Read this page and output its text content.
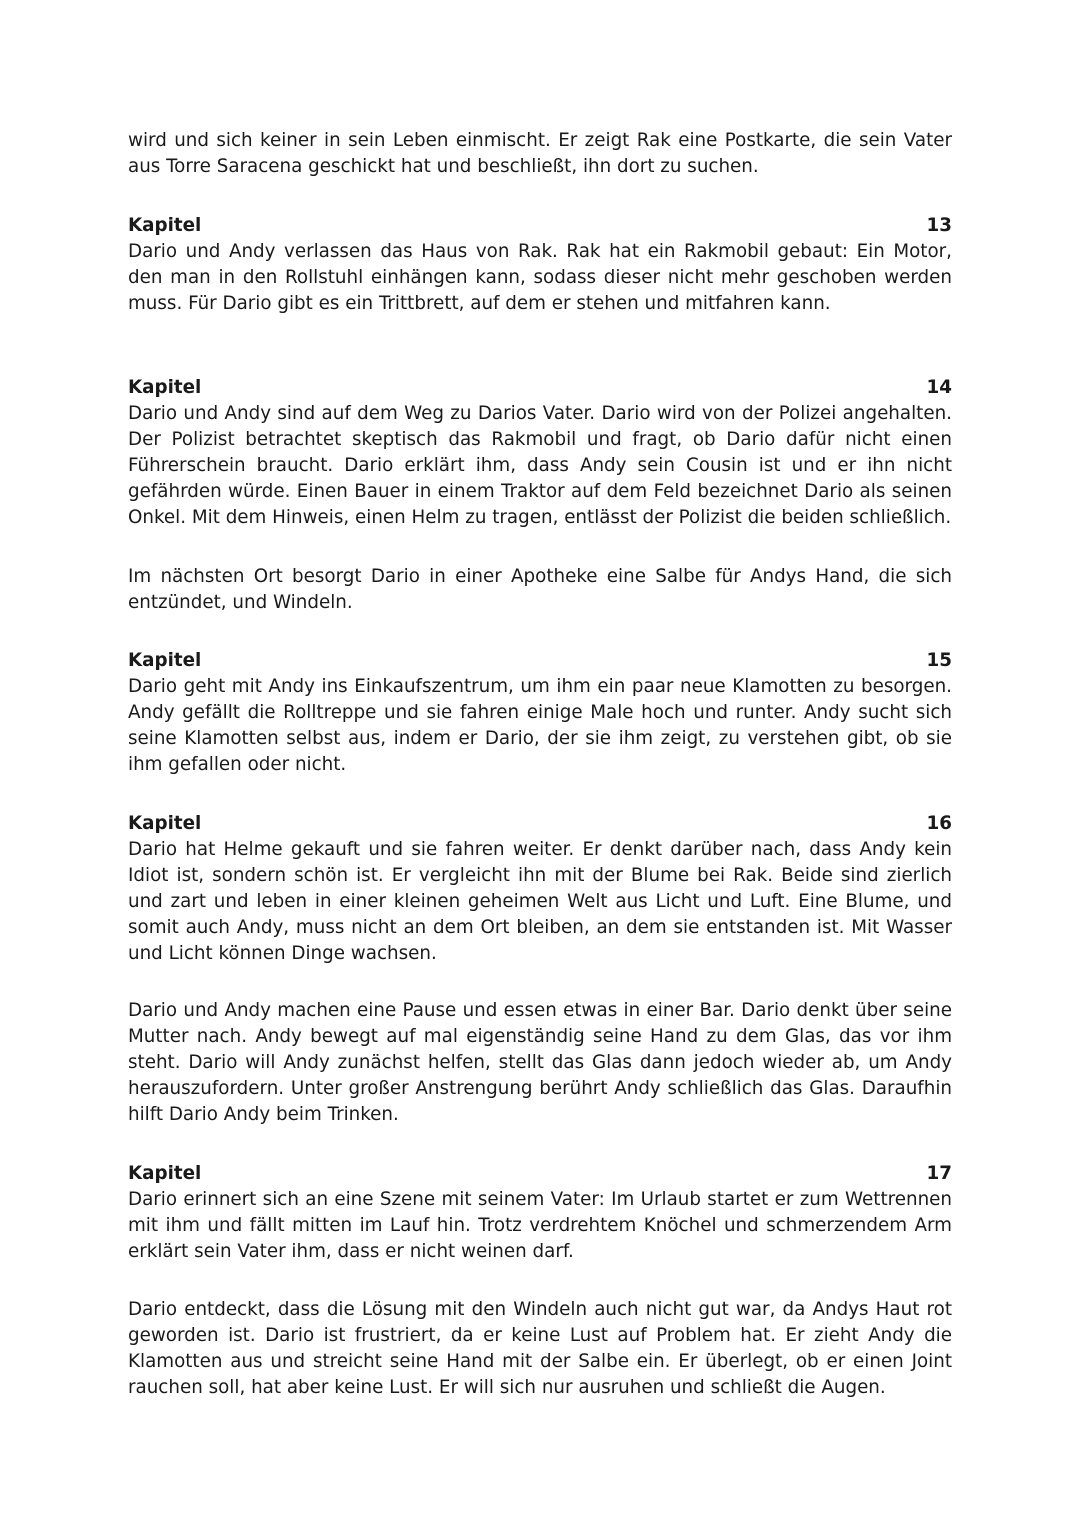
wird und sich keiner in sein Leben einmischt. Er zeigt Rak eine Postkarte, die sein Vater aus Torre Saracena geschickt hat und beschließt, ihn dort zu suchen.

Kapitel	13

Dario und Andy verlassen das Haus von Rak. Rak hat ein Rakmobil gebaut: Ein Motor, den man in den Rollstuhl einhängen kann, sodass dieser nicht mehr geschoben werden muss. Für Dario gibt es ein Trittbrett, auf dem er stehen und mitfahren kann.

Kapitel	14

Dario und Andy sind auf dem Weg zu Darios Vater. Dario wird von der Polizei angehalten. Der Polizist betrachtet skeptisch das Rakmobil und fragt, ob Dario dafür nicht einen Führerschein braucht. Dario erklärt ihm, dass Andy sein Cousin ist und er ihn nicht gefährden würde. Einen Bauer in einem Traktor auf dem Feld bezeichnet Dario als seinen Onkel. Mit dem Hinweis, einen Helm zu tragen, entlässt der Polizist die beiden schließlich.

Im nächsten Ort besorgt Dario in einer Apotheke eine Salbe für Andys Hand, die sich entzündet, und Windeln.

Kapitel	15

Dario geht mit Andy ins Einkaufszentrum, um ihm ein paar neue Klamotten zu besorgen. Andy gefällt die Rolltreppe und sie fahren einige Male hoch und runter. Andy sucht sich seine Klamotten selbst aus, indem er Dario, der sie ihm zeigt, zu verstehen gibt, ob sie ihm gefallen oder nicht.

Kapitel	16

Dario hat Helme gekauft und sie fahren weiter. Er denkt darüber nach, dass Andy kein Idiot ist, sondern schön ist. Er vergleicht ihn mit der Blume bei Rak. Beide sind zierlich und zart und leben in einer kleinen geheimen Welt aus Licht und Luft. Eine Blume, und somit auch Andy, muss nicht an dem Ort bleiben, an dem sie entstanden ist. Mit Wasser und Licht können Dinge wachsen.

Dario und Andy machen eine Pause und essen etwas in einer Bar. Dario denkt über seine Mutter nach. Andy bewegt auf mal eigenständig seine Hand zu dem Glas, das vor ihm steht. Dario will Andy zunächst helfen, stellt das Glas dann jedoch wieder ab, um Andy herauszufordern. Unter großer Anstrengung berührt Andy schließlich das Glas. Daraufhin hilft Dario Andy beim Trinken.

Kapitel	17

Dario erinnert sich an eine Szene mit seinem Vater: Im Urlaub startet er zum Wettrennen mit ihm und fällt mitten im Lauf hin. Trotz verdrehtem Knöchel und schmerzendem Arm erklärt sein Vater ihm, dass er nicht weinen darf.

Dario entdeckt, dass die Lösung mit den Windeln auch nicht gut war, da Andys Haut rot geworden ist. Dario ist frustriert, da er keine Lust auf Problem hat. Er zieht Andy die Klamotten aus und streicht seine Hand mit der Salbe ein. Er überlegt, ob er einen Joint rauchen soll, hat aber keine Lust. Er will sich nur ausruhen und schließt die Augen.
